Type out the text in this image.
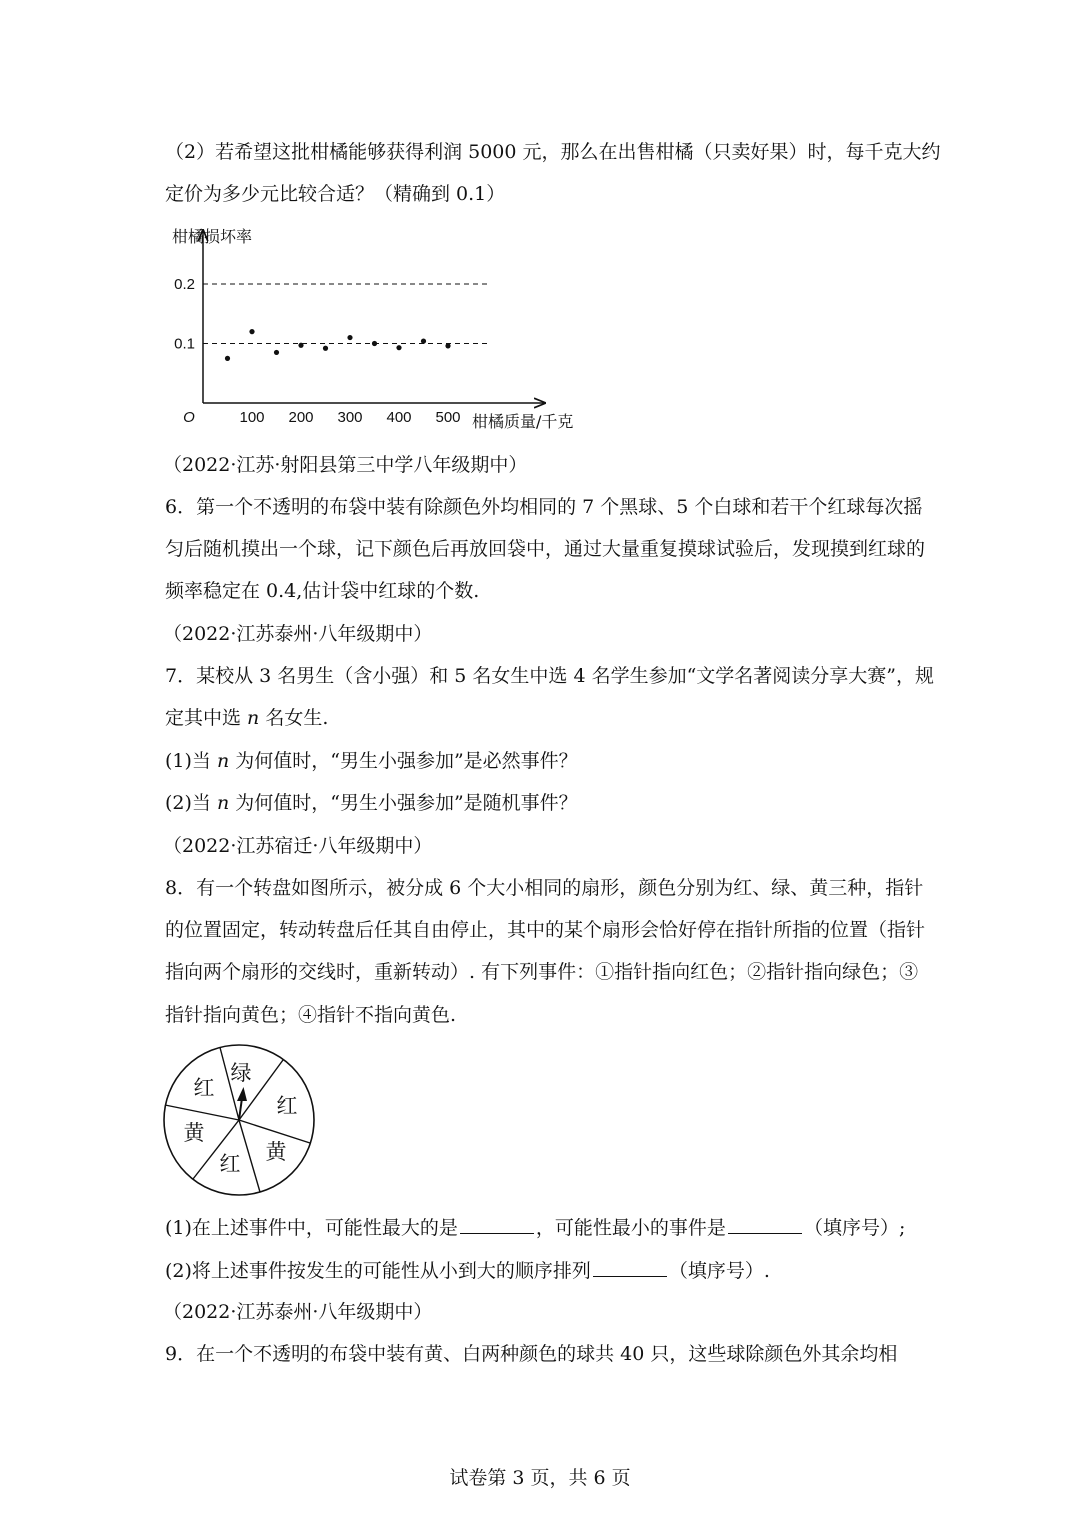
（2）若希望这批柑橘能够获得利润 5000 元，那么在出售柑橘（只卖好果）时，每千克大约
定价为多少元比较合适？（精确到 0.1）
0.1
0.2
100 200 300 400 500
O
柑橘损坏率
柑橘质量/千克
（2022·江苏·射阳县第三中学八年级期中）
6．第一个不透明的布袋中装有除颜色外均相同的 7 个黑球、5 个白球和若干个红球每次摇
匀后随机摸出一个球，记下颜色后再放回袋中，通过大量重复摸球试验后，发现摸到红球的
频率稳定在 0.4,估计袋中红球的个数.
（2022·江苏泰州·八年级期中）
7．某校从 3 名男生（含小强）和 5 名女生中选 4 名学生参加“文学名著阅读分享大赛”，规
定其中选 n 名女生.
(1)当 n 为何值时，“男生小强参加”是必然事件？
(2)当 n 为何值时，“男生小强参加”是随机事件？
（2022·江苏宿迁·八年级期中）
8．有一个转盘如图所示，被分成 6 个大小相同的扇形，颜色分别为红、绿、黄三种，指针
的位置固定，转动转盘后任其自由停止，其中的某个扇形会恰好停在指针所指的位置（指针
指向两个扇形的交线时，重新转动）. 有下列事件：①指针指向红色；②指针指向绿色；③
指针指向黄色；④指针不指向黄色.
绿
红
黄
红
黄
红
(1)在上述事件中，可能性最大的是	，可能性最小的事件是	（填序号）;
(2)将上述事件按发生的可能性从小到大的顺序排列	（填序号）.
（2022·江苏泰州·八年级期中）
9．在一个不透明的布袋中装有黄、白两种颜色的球共 40 只，这些球除颜色外其余均相
试卷第 3 页，共 6 页
